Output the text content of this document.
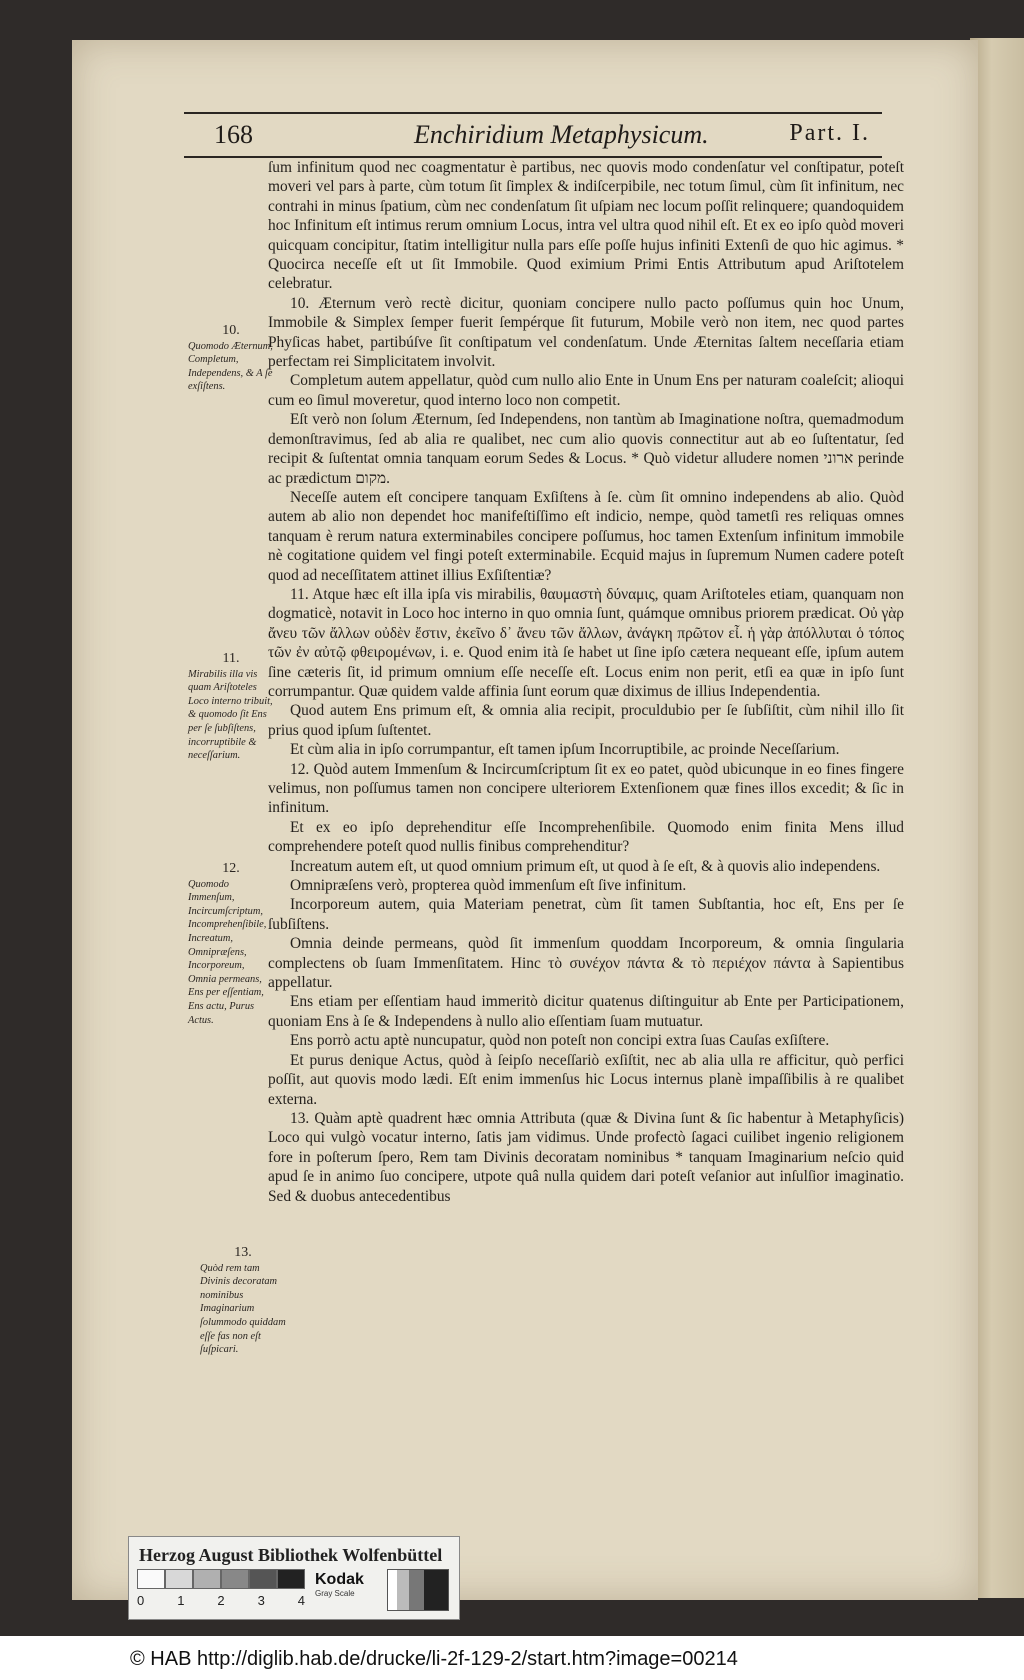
168	Enchiridium Metaphysicum.	Part. I.

ſum infinitum quod nec coagmentatur è partibus, nec quovis modo condenſatur vel conſtipatur, poteſt moveri vel pars à parte, cùm totum ſit ſimplex & indiſcerpibile, nec totum ſimul, cùm ſit infinitum, nec contrahi in minus ſpatium, cùm nec condenſatum ſit uſpiam nec locum poſſit relinquere; quandoquidem hoc Infinitum eſt intimus rerum omnium Locus, intra vel ultra quod nihil eſt. Et ex eo ipſo quòd moveri quicquam concipitur, ſtatim intelligitur nulla pars eſſe poſſe hujus infiniti Extenſi de quo hic agimus. * Quocirca neceſſe eſt ut ſit Immobile. Quod eximium Primi Entis Attributum apud Ariſtotelem celebratur.

10. Æternum verò rectè dicitur, quoniam concipere nullo pacto poſſumus quin hoc Unum, Immobile & Simplex ſemper fuerit ſempérque ſit futurum, Mobile verò non item, nec quod partes Phyſicas habet, partibúſve ſit conſtipatum vel condenſatum. Unde Æternitas ſaltem neceſſaria etiam perfectam rei Simplicitatem involvit.

Completum autem appellatur, quòd cum nullo alio Ente in Unum Ens per naturam coaleſcit; alioqui cum eo ſimul moveretur, quod interno loco non competit.

Eſt verò non ſolum Æternum, ſed Independens, non tantùm ab Imaginatione noſtra, quemadmodum demonſtravimus, ſed ab alia re qualibet, nec cum alio quovis connectitur aut ab eo ſuſtentatur, ſed recipit & ſuſtentat omnia tanquam eorum Sedes & Locus. * Quò videtur alludere nomen ארוני perinde ac prædictum מקום.

Neceſſe autem eſt concipere tanquam Exſiſtens à ſe. cùm ſit omnino independens ab alio. Quòd autem ab alio non dependet hoc manifeſtiſſimo eſt indicio, nempe, quòd tametſi res reliquas omnes tanquam è rerum natura exterminabiles concipere poſſumus, hoc tamen Extenſum infinitum immobile nè cogitatione quidem vel fingi poteſt exterminabile. Ecquid majus in ſupremum Numen cadere poteſt quod ad neceſſitatem attinet illius Exſiſtentiæ?

11. Atque hæc eſt illa ipſa vis mirabilis, θαυμαστὴ δύναμις, quam Ariſtoteles etiam, quanquam non dogmaticè, notavit in Loco hoc interno in quo omnia ſunt, quámque omnibus priorem prædicat. Οὐ γὰρ ἄνευ τῶν ἄλλων οὐδὲν ἔστιν, ἐκεῖνο δ᾽ ἄνευ τῶν ἄλλων, ἀνάγκη πρῶτον εἶ. ἡ γὰρ ἀπόλλυται ὁ τόπος τῶν ἐν αὐτῷ φθειρομένων, i. e. Quod enim ità ſe habet ut ſine ipſo cætera nequeant eſſe, ipſum autem ſine cæteris ſit, id primum omnium eſſe neceſſe eſt. Locus enim non perit, etſi ea quæ in ipſo ſunt corrumpantur. Quæ quidem valde affinia ſunt eorum quæ diximus de illius Independentia.

Quod autem Ens primum eſt, & omnia alia recipit, proculdubio per ſe ſubſiſtit, cùm nihil illo ſit prius quod ipſum ſuſtentet.

Et cùm alia in ipſo corrumpantur, eſt tamen ipſum Incorruptibile, ac proinde Neceſſarium.

12. Quòd autem Immenſum & Incircumſcriptum ſit ex eo patet, quòd ubicunque in eo fines fingere velimus, non poſſumus tamen non concipere ulteriorem Extenſionem quæ fines illos excedit; & ſic in infinitum.

Et ex eo ipſo deprehenditur eſſe Incomprehenſibile. Quomodo enim finita Mens illud comprehendere poteſt quod nullis finibus comprehenditur?

Increatum autem eſt, ut quod omnium primum eſt, ut quod à ſe eſt, & à quovis alio independens.

Omnipræſens verò, propterea quòd immenſum eſt ſive infinitum.

Incorporeum autem, quia Materiam penetrat, cùm ſit tamen Subſtantia, hoc eſt, Ens per ſe ſubſiſtens.

Omnia deinde permeans, quòd ſit immenſum quoddam Incorporeum, & omnia ſingularia complectens ob ſuam Immenſitatem. Hinc τὸ συνέχον πάντα & τὸ περιέχον πάντα à Sapientibus appellatur.

Ens etiam per eſſentiam haud immeritò dicitur quatenus diſtinguitur ab Ente per Participationem, quoniam Ens à ſe & Independens à nullo alio eſſentiam ſuam mutuatur.

Ens porrò actu aptè nuncupatur, quòd non poteſt non concipi extra ſuas Cauſas exſiſtere.

Et purus denique Actus, quòd à ſeipſo neceſſariò exſiſtit, nec ab alia ulla re afficitur, quò perfici poſſit, aut quovis modo lædi. Eſt enim immenſus hic Locus internus planè impaſſibilis à re qualibet externa.

13. Quàm aptè quadrent hæc omnia Attributa (quæ & Divina ſunt & ſic habentur à Metaphyſicis) Loco qui vulgò vocatur interno, ſatis jam vidimus. Unde profectò ſagaci cuilibet ingenio religionem fore in poſterum ſpero, Rem tam Divinis decoratam nominibus * tanquam Imaginarium neſcio quid apud ſe in animo ſuo concipere, utpote quâ nulla quidem dari poteſt veſanior aut inſulſior imaginatio. Sed & duobus antecedentibus

10.
Quomodo Æternum, Completum, Independens, & A ſe exſiſtens.
11.
Mirabilis illa vis quam Ariſtoteles Loco interno tribuit, & quomodo ſit Ens per ſe ſubſiſtens, incorruptibile & neceſſarium.
12.
Quomodo Immenſum, Incircumſcriptum, Incomprehenſibile, Increatum, Omnipræſens, Incorporeum, Omnia permeans, Ens per eſſentiam, Ens actu, Purus Actus.
13.
Quòd rem tam Divinis decoratam nominibus Imaginarium ſolummodo quiddam eſſe fas non eſt ſuſpicari.
Herzog August Bibliothek Wolfenbüttel
0	1	2	3	4
Kodak
Gray Scale
© HAB http://diglib.hab.de/drucke/li-2f-129-2/start.htm?image=00214
